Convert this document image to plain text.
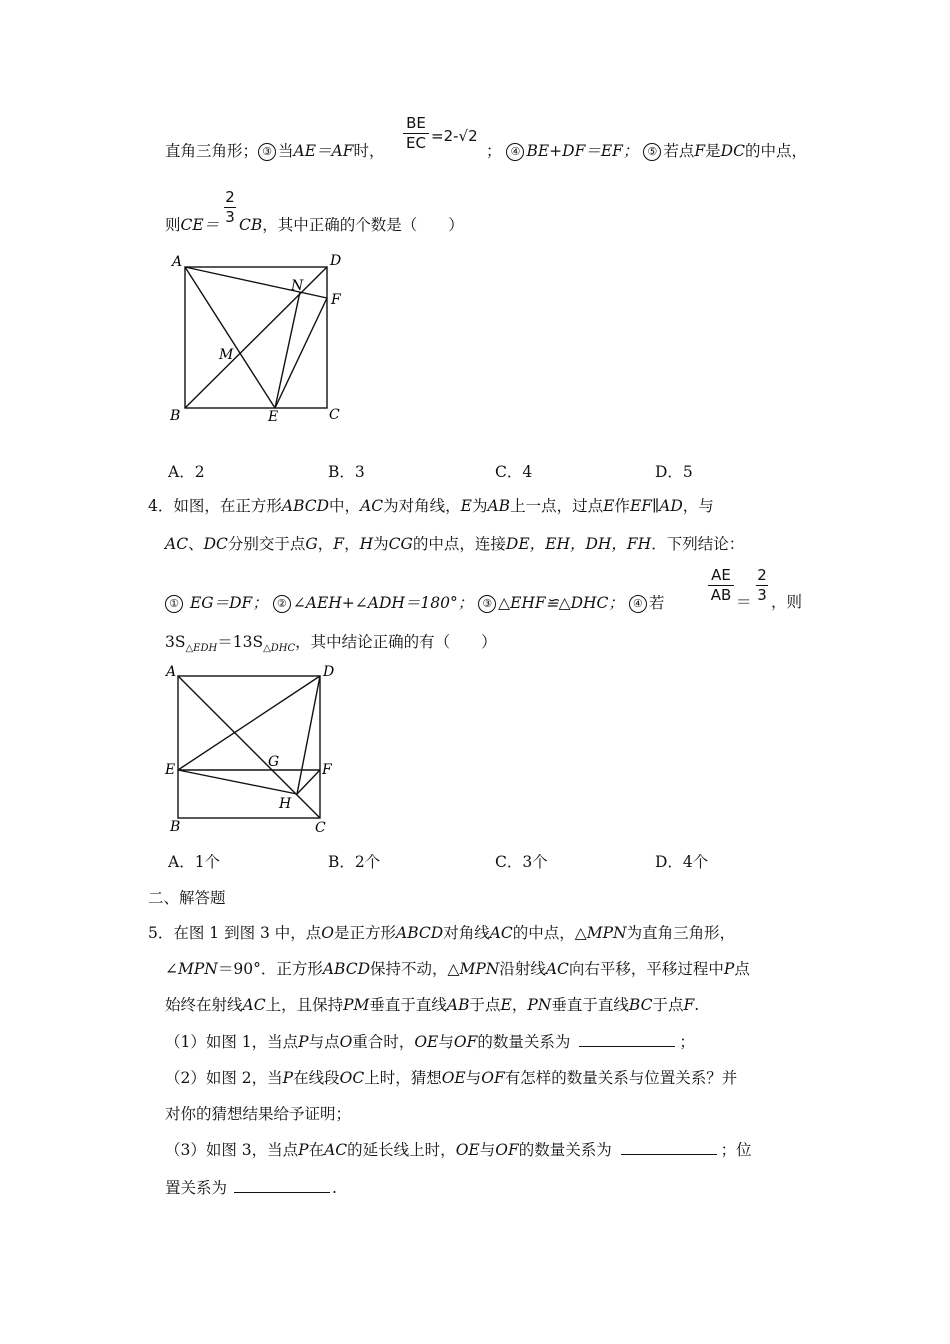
直角三角形； ③ 当AE＝AF时，
BE
EC =2-√2
； ④ BE+DF＝EF； ⑤ 若点F是DC的中点，
则CE＝
2
3 CB，其中正确的个数是（　　）
A	D
N
F
M
B	E	C
A．2	B．3	C．4	D．5
4．如图，在正方形ABCD中，AC为对角线，E为AB上一点，过点E作EF∥AD，与
AC、DC分别交于点G，F，H为CG的中点，连接DE，EH，DH，FH．下列结论：
① EG＝DF； ② ∠AEH+∠ADH＝180°； ③ △EHF≌△DHC； ④ 若
AE
AB ＝
2
3 ，则
$3S_{\triangle EDH}=13S_{\triangle DHC}$，其中结论正确的有（　　）
A	D
G
E	F
H
B	C
A．1个	B．2个	C．3个	D．4个
二、解答题
5．在图 1 到图 3 中，点O是正方形ABCD对角线AC的中点，△MPN为直角三角形，
∠MPN＝90°．正方形ABCD保持不动，△MPN沿射线AC向右平移，平移过程中P点
始终在射线AC上，且保持PM垂直于直线AB于点E，PN垂直于直线BC于点F.
（1）如图 1，当点P与点O重合时，OE与OF的数量关系为	；
（2）如图 2，当P在线段OC上时，猜想OE与OF有怎样的数量关系与位置关系？并
对你的猜想结果给予证明；
（3）如图 3，当点P在AC的延长线上时，OE与OF的数量关系为	；位
置关系为	.
